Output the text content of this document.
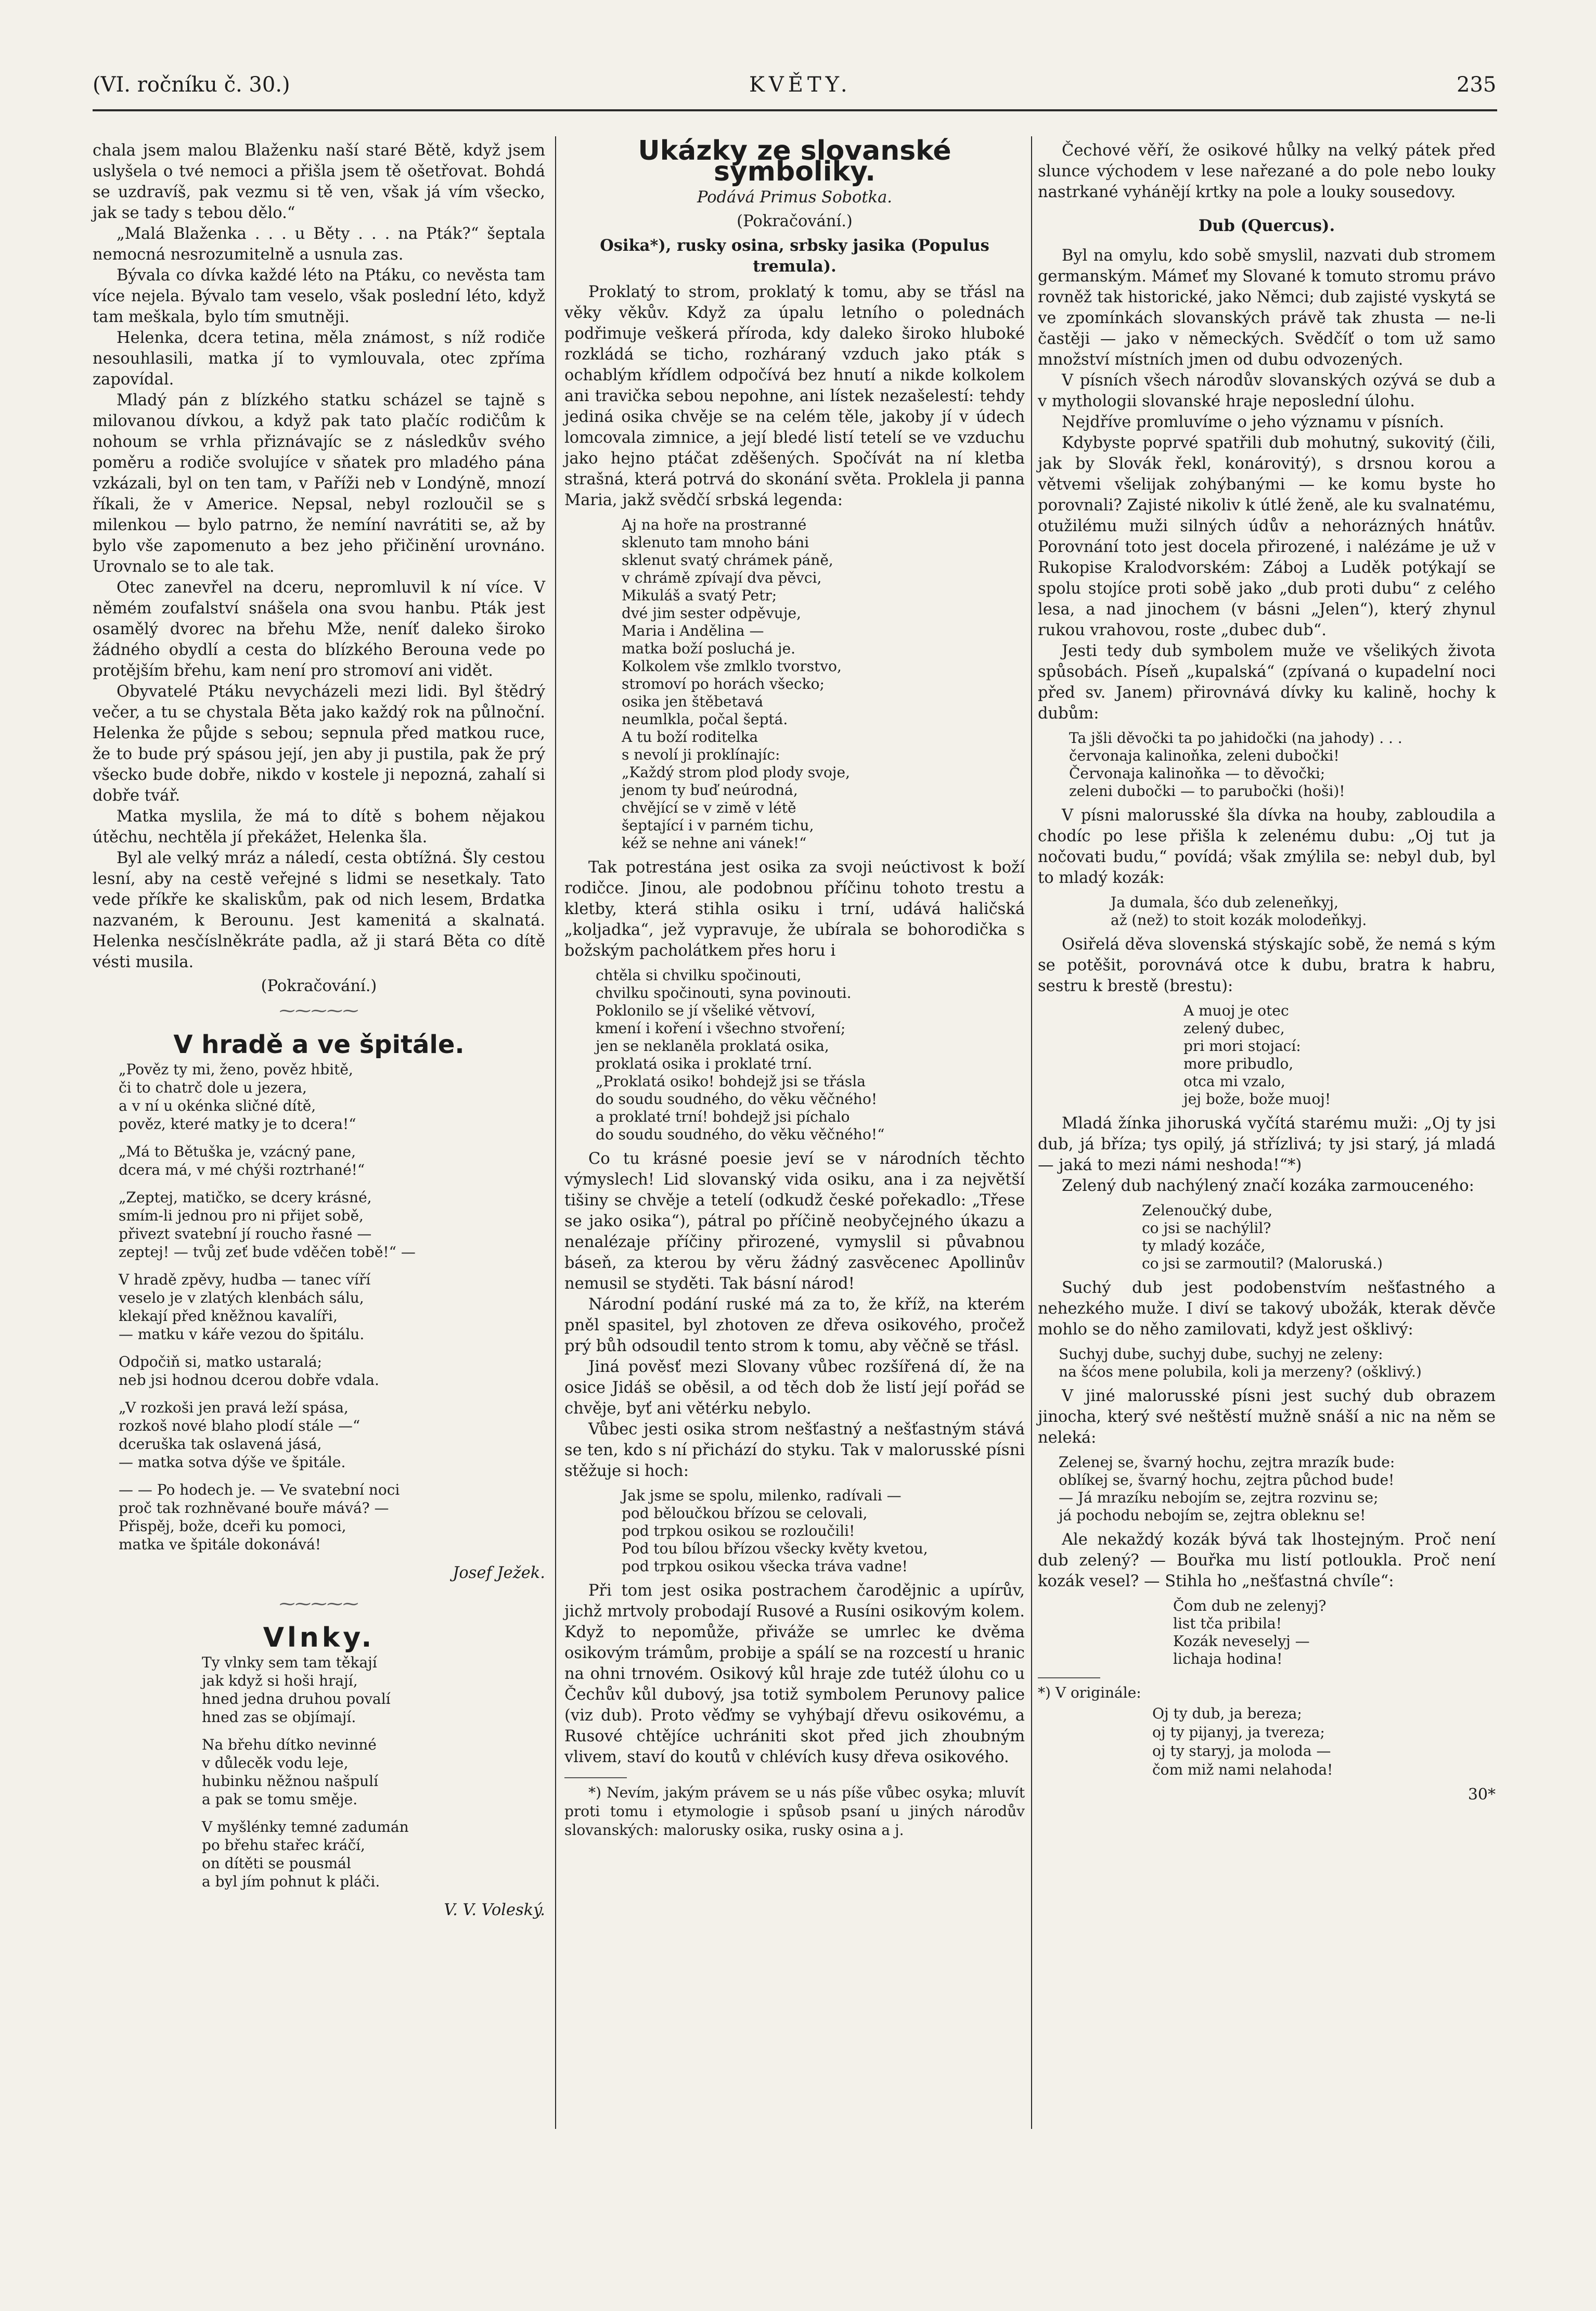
(VI. ročníku č. 30.)	KVĚTY.	235

chala jsem malou Blaženku naší staré Bětě, když jsem uslyšela o tvé nemoci a přišla jsem tě ošetřovat. Bohdá se uzdravíš, pak vezmu si tě ven, však já vím všecko, jak se tady s tebou dělo.“

„Malá Blaženka . . . u Běty . . . na Pták?“ šeptala nemocná nesrozumitelně a usnula zas.

Bývala co dívka každé léto na Ptáku, co nevěsta tam více nejela. Bývalo tam veselo, však poslední léto, když tam meškala, bylo tím smutněji.

Helenka, dcera tetina, měla známost, s níž rodiče nesouhlasili, matka jí to vymlouvala, otec zpříma zapovídal.

Mladý pán z blízkého statku scházel se tajně s milovanou dívkou, a když pak tato plačíc rodičům k nohoum se vrhla přiznávajíc se z následkův svého poměru a rodiče svolujíce v sňatek pro mladého pána vzkázali, byl on ten tam, v Paříži neb v Londýně, mnozí říkali, že v Americe. Nepsal, nebyl rozloučil se s milenkou — bylo patrno, že nemíní navrátiti se, až by bylo vše zapomenuto a bez jeho přičinění urovnáno. Urovnalo se to ale tak.

Otec zanevřel na dceru, nepromluvil k ní více. V němém zoufalství snášela ona svou hanbu. Pták jest osamělý dvorec na břehu Mže, neníť daleko široko žádného obydlí a cesta do blízkého Berouna vede po protějším břehu, kam není pro stromoví ani vidět.

Obyvatelé Ptáku nevycházeli mezi lidi. Byl štědrý večer, a tu se chystala Běta jako každý rok na půlnoční. Helenka že půjde s sebou; sepnula před matkou ruce, že to bude prý spásou její, jen aby ji pustila, pak že prý všecko bude dobře, nikdo v kostele ji nepozná, zahalí si dobře tvář.

Matka myslila, že má to dítě s bohem nějakou útěchu, nechtěla jí překážet, Helenka šla.

Byl ale velký mráz a náledí, cesta obtížná. Šly cestou lesní, aby na cestě veřejné s lidmi se nesetkaly. Tato vede příkře ke skaliskům, pak od nich lesem, Brdatka nazvaném, k Berounu. Jest kamenitá a skalnatá. Helenka nesčíslněkráte padla, až ji stará Běta co dítě vésti musila.

(Pokračování.)
⁓⁓⁓⁓⁓
V hradě a ve špitále.
„Pověz ty mi, ženo, pověz hbitě,
či to chatrč dole u jezera,
a v ní u okénka sličné dítě,
pověz, které matky je to dcera!“
„Má to Bětuška je, vzácný pane,
dcera má, v mé chýši roztrhané!“
„Zeptej, matičko, se dcery krásné,
smím-li jednou pro ni přijet sobě,
přivezt svatební jí roucho řasné —
zeptej! — tvůj zeť bude vděčen tobě!“ —
V hradě zpěvy, hudba — tanec víří
veselo je v zlatých klenbách sálu,
klekají před kněžnou kavalíři,
— matku v káře vezou do špitálu.
Odpočiň si, matko ustaralá;
neb jsi hodnou dcerou dobře vdala.
„V rozkoši jen pravá leží spása,
rozkoš nové blaho plodí stále —“
dceruška tak oslavená jásá,
— matka sotva dýše ve špitále.
— — Po hodech je. — Ve svatební noci
proč tak rozhněvané bouře mává? —
Přispěj, bože, dceři ku pomoci,
matka ve špitále dokonává!
Josef Ježek.
⁓⁓⁓⁓⁓
Vlnky.
Ty vlnky sem tam těkají
jak když si hoši hrají,
hned jedna druhou povalí
hned zas se objímají.
Na břehu dítko nevinné
v důlecěk vodu leje,
hubinku něžnou našpulí
a pak se tomu směje.
V myšlénky temné zadumán
po břehu stařec kráčí,
on dítěti se pousmál
a byl jím pohnut k pláči.
V. V. Voleský.
Ukázky ze slovanské symboliky.
Podává Primus Sobotka.
(Pokračování.)
Osika*), rusky osina, srbsky jasika (Populus tremula).

Proklatý to strom, proklatý k tomu, aby se třásl na věky věkův. Když za úpalu letního o polednách podřimuje veškerá příroda, kdy daleko široko hluboké rozkládá se ticho, rozháraný vzduch jako pták s ochablým křídlem odpočívá bez hnutí a nikde kolkolem ani travička sebou nepohne, ani lístek nezašelestí: tehdy jediná osika chvěje se na celém těle, jakoby jí v údech lomcovala zimnice, a její bledé listí tetelí se ve vzduchu jako hejno ptáčat zděšených. Spočívát na ní kletba strašná, která potrvá do skonání světa. Proklela ji panna Maria, jakž svědčí srbská legenda:

Aj na hoře na prostranné
sklenuto tam mnoho báni
sklenut svatý chrámek páně,
v chrámě zpívají dva pěvci,
Mikuláš a svatý Petr;
dvé jim sester odpěvuje,
Maria i Andělina —
matka boží posluchá je.
Kolkolem vše zmlklo tvorstvo,
stromoví po horách všecko;
osika jen štěbetavá
neumlkla, počal šeptá.
A tu boží roditelka
s nevolí ji proklínajíc:
„Každý strom plod plody svoje,
jenom ty buď neúrodná,
chvějící se v zimě v létě
šeptající i v parném tichu,
kéž se nehne ani vánek!“

Tak potrestána jest osika za svoji neúctivost k boží rodičce. Jinou, ale podobnou příčinu tohoto trestu a kletby, která stihla osiku i trní, udává haličská „koljadka“, jež vypravuje, že ubírala se bohorodička s božským pacholátkem přes horu i

chtěla si chvilku spočinouti,
chvilku spočinouti, syna povinouti.
Poklonilo se jí všeliké větvoví,
kmení i koření i všechno stvoření;
jen se neklaněla proklatá osika,
proklatá osika i proklaté trní.
„Proklatá osiko! bohdejž jsi se třásla
do soudu soudného, do věku věčného!
a proklaté trní! bohdejž jsi píchalo
do soudu soudného, do věku věčného!“

Co tu krásné poesie jeví se v národních těchto výmyslech! Lid slovanský vida osiku, ana i za největší tišiny se chvěje a tetelí (odkudž české pořekadlo: „Třese se jako osika“), pátral po příčině neobyčejného úkazu a nenalézaje příčiny přirozené, vymyslil si půvabnou báseň, za kterou by věru žádný zasvěcenec Apollinův nemusil se styděti. Tak básní národ!

Národní podání ruské má za to, že kříž, na kterém pněl spasitel, byl zhotoven ze dřeva osikového, pročež prý bůh odsoudil tento strom k tomu, aby věčně se třásl.

Jiná pověsť mezi Slovany vůbec rozšířená dí, že na osice Jidáš se oběsil, a od těch dob že listí její pořád se chvěje, byť ani větérku nebylo.

Vůbec jesti osika strom nešťastný a nešťastným stává se ten, kdo s ní přichází do styku. Tak v malorusské písni stěžuje si hoch:

Jak jsme se spolu, milenko, radívali —
pod běloučkou břízou se celovali,
pod trpkou osikou se rozloučili!
Pod tou bílou břízou všecky květy kvetou,
pod trpkou osikou všecka tráva vadne!

Při tom jest osika postrachem čarodějnic a upírův, jichž mrtvoly probodají Rusové a Rusíni osikovým kolem. Když to nepomůže, přiváže se umrlec ke dvěma osikovým trámům, probije a spálí se na rozcestí u hranic na ohni trnovém. Osikový kůl hraje zde tutéž úlohu co u Čechův kůl dubový, jsa totiž symbolem Perunovy palice (viz dub). Proto věďmy se vyhýbají dřevu osikovému, a Rusové chtějíce uchrániti skot před jich zhoubným vlivem, staví do koutů v chlévích kusy dřeva osikového.

*) Nevím, jakým právem se u nás píše vůbec osyka; mluvít proti tomu i etymologie i spůsob psaní u jiných národův slovanských: malorusky osika, rusky osina a j.

Čechové věří, že osikové hůlky na velký pátek před slunce východem v lese nařezané a do pole nebo louky nastrkané vyhánějí krtky na pole a louky sousedovy.

Dub (Quercus).

Byl na omylu, kdo sobě smyslil, nazvati dub stromem germanským. Mámeť my Slované k tomuto stromu právo rovněž tak historické, jako Němci; dub zajisté vyskytá se ve zpomínkách slovanských právě tak zhusta — ne-li častěji — jako v německých. Svědčíť o tom už samo množství místních jmen od dubu odvozených.

V písních všech národův slovanských ozývá se dub a v mythologii slovanské hraje neposlední úlohu.

Nejdříve promluvíme o jeho významu v písních.

Kdybyste poprvé spatřili dub mohutný, sukovitý (čili, jak by Slovák řekl, konárovitý), s drsnou korou a větvemi všelijak zohýbanými — ke komu byste ho porovnali? Zajisté nikoliv k útlé ženě, ale ku svalnatému, otužilému muži silných údův a nehorázných hnátův. Porovnání toto jest docela přirozené, i nalézáme je už v Rukopise Kralodvorském: Záboj a Luděk potýkají se spolu stojíce proti sobě jako „dub proti dubu“ z celého lesa, a nad jinochem (v básni „Jelen“), který zhynul rukou vrahovou, roste „dubec dub“.

Jesti tedy dub symbolem muže ve všelikých života spůsobách. Píseň „kupalská“ (zpívaná o kupadelní noci před sv. Janem) přirovnává dívky ku kalině, hochy k dubům:

Ta jšli děvočki ta po jahidočki (na jahody) . . .
červonaja kalinoňka, zeleni dubočki!
Červonaja kalinoňka — to děvočki;
zeleni dubočki — to parubočki (hoši)!

V písni malorusské šla dívka na houby, zabloudila a chodíc po lese přišla k zelenému dubu: „Oj tut ja nočovati budu,“ povídá; však zmýlila se: nebyl dub, byl to mladý kozák:

Ja dumala, šćo dub zeleneňkyj,
až (než) to stoit kozák molodeňkyj.

Osiřelá děva slovenská stýskajíc sobě, že nemá s kým se potěšit, porovnává otce k dubu, bratra k habru, sestru k brestě (brestu):

A muoj je otec
zelený dubec,
pri mori stojací:
more pribudlo,
otca mi vzalo,
jej bože, bože muoj!

Mladá žínka jihoruská vyčítá starému muži: „Oj ty jsi dub, já bříza; tys opilý, já střízlivá; ty jsi starý, já mladá — jaká to mezi námi neshoda!“*)

Zelený dub nachýlený značí kozáka zarmouceného:

Zelenoučký dube,
co jsi se nachýlil?
ty mladý kozáče,
co jsi se zarmoutil? (Maloruská.)

Suchý dub jest podobenstvím nešťastného a nehezkého muže. I diví se takový ubožák, kterak děvče mohlo se do něho zamilovati, když jest ošklivý:

Suchyj dube, suchyj dube, suchyj ne zeleny:
na šćos mene polubila, koli ja merzeny? (ošklivý.)

V jiné malorusské písni jest suchý dub obrazem jinocha, který své neštěstí mužně snáší a nic na něm se neleká:

Zelenej se, švarný hochu, zejtra mrazík bude:
oblíkej se, švarný hochu, zejtra půchod bude!
— Já mrazíku nebojím se, zejtra rozvinu se;
já pochodu nebojím se, zejtra obleknu se!

Ale nekaždý kozák bývá tak lhostejným. Proč není dub zelený? — Bouřka mu listí potloukla. Proč není kozák vesel? — Stihla ho „nešťastná chvíle“:

Čom dub ne zelenyj?
list tča pribila!
Kozák neveselyj —
lichaja hodina!
*) V originále:
Oj ty dub, ja bereza;
oj ty pijanyj, ja tvereza;
oj ty staryj, ja moloda —
čom miž nami nelahoda!
30*
